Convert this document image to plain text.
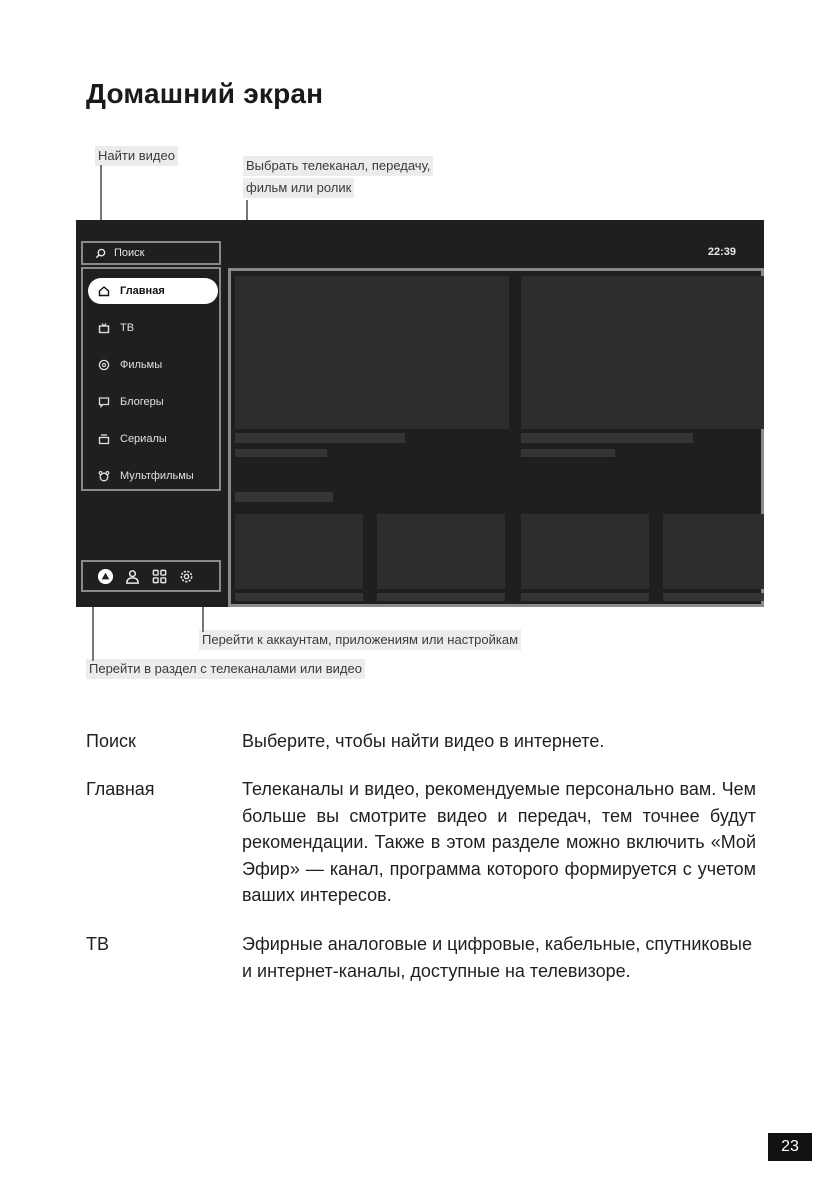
Домашний экран
Найти видео
Выбрать телеканал, передачу,
фильм или ролик
Перейти к аккаунтам, приложениям или настройкам
Перейти в раздел с телеканалами или видео
22:39
Поиск
Главная
ТВ
Фильмы
Блогеры
Сериалы
Мультфильмы
Поиск	Выберите, чтобы найти видео в интернете.
Главная	Телеканалы и видео, рекомендуемые персонально вам. Чем больше вы смотрите видео и передач, тем точнее будут рекомендации. Также в этом разделе можно включить «Мой Эфир» — канал, программа которого формируется с учетом ваших интересов.
ТВ	Эфирные аналоговые и цифровые, кабельные, спутниковые и интернет-каналы, доступные на телевизоре.
23
